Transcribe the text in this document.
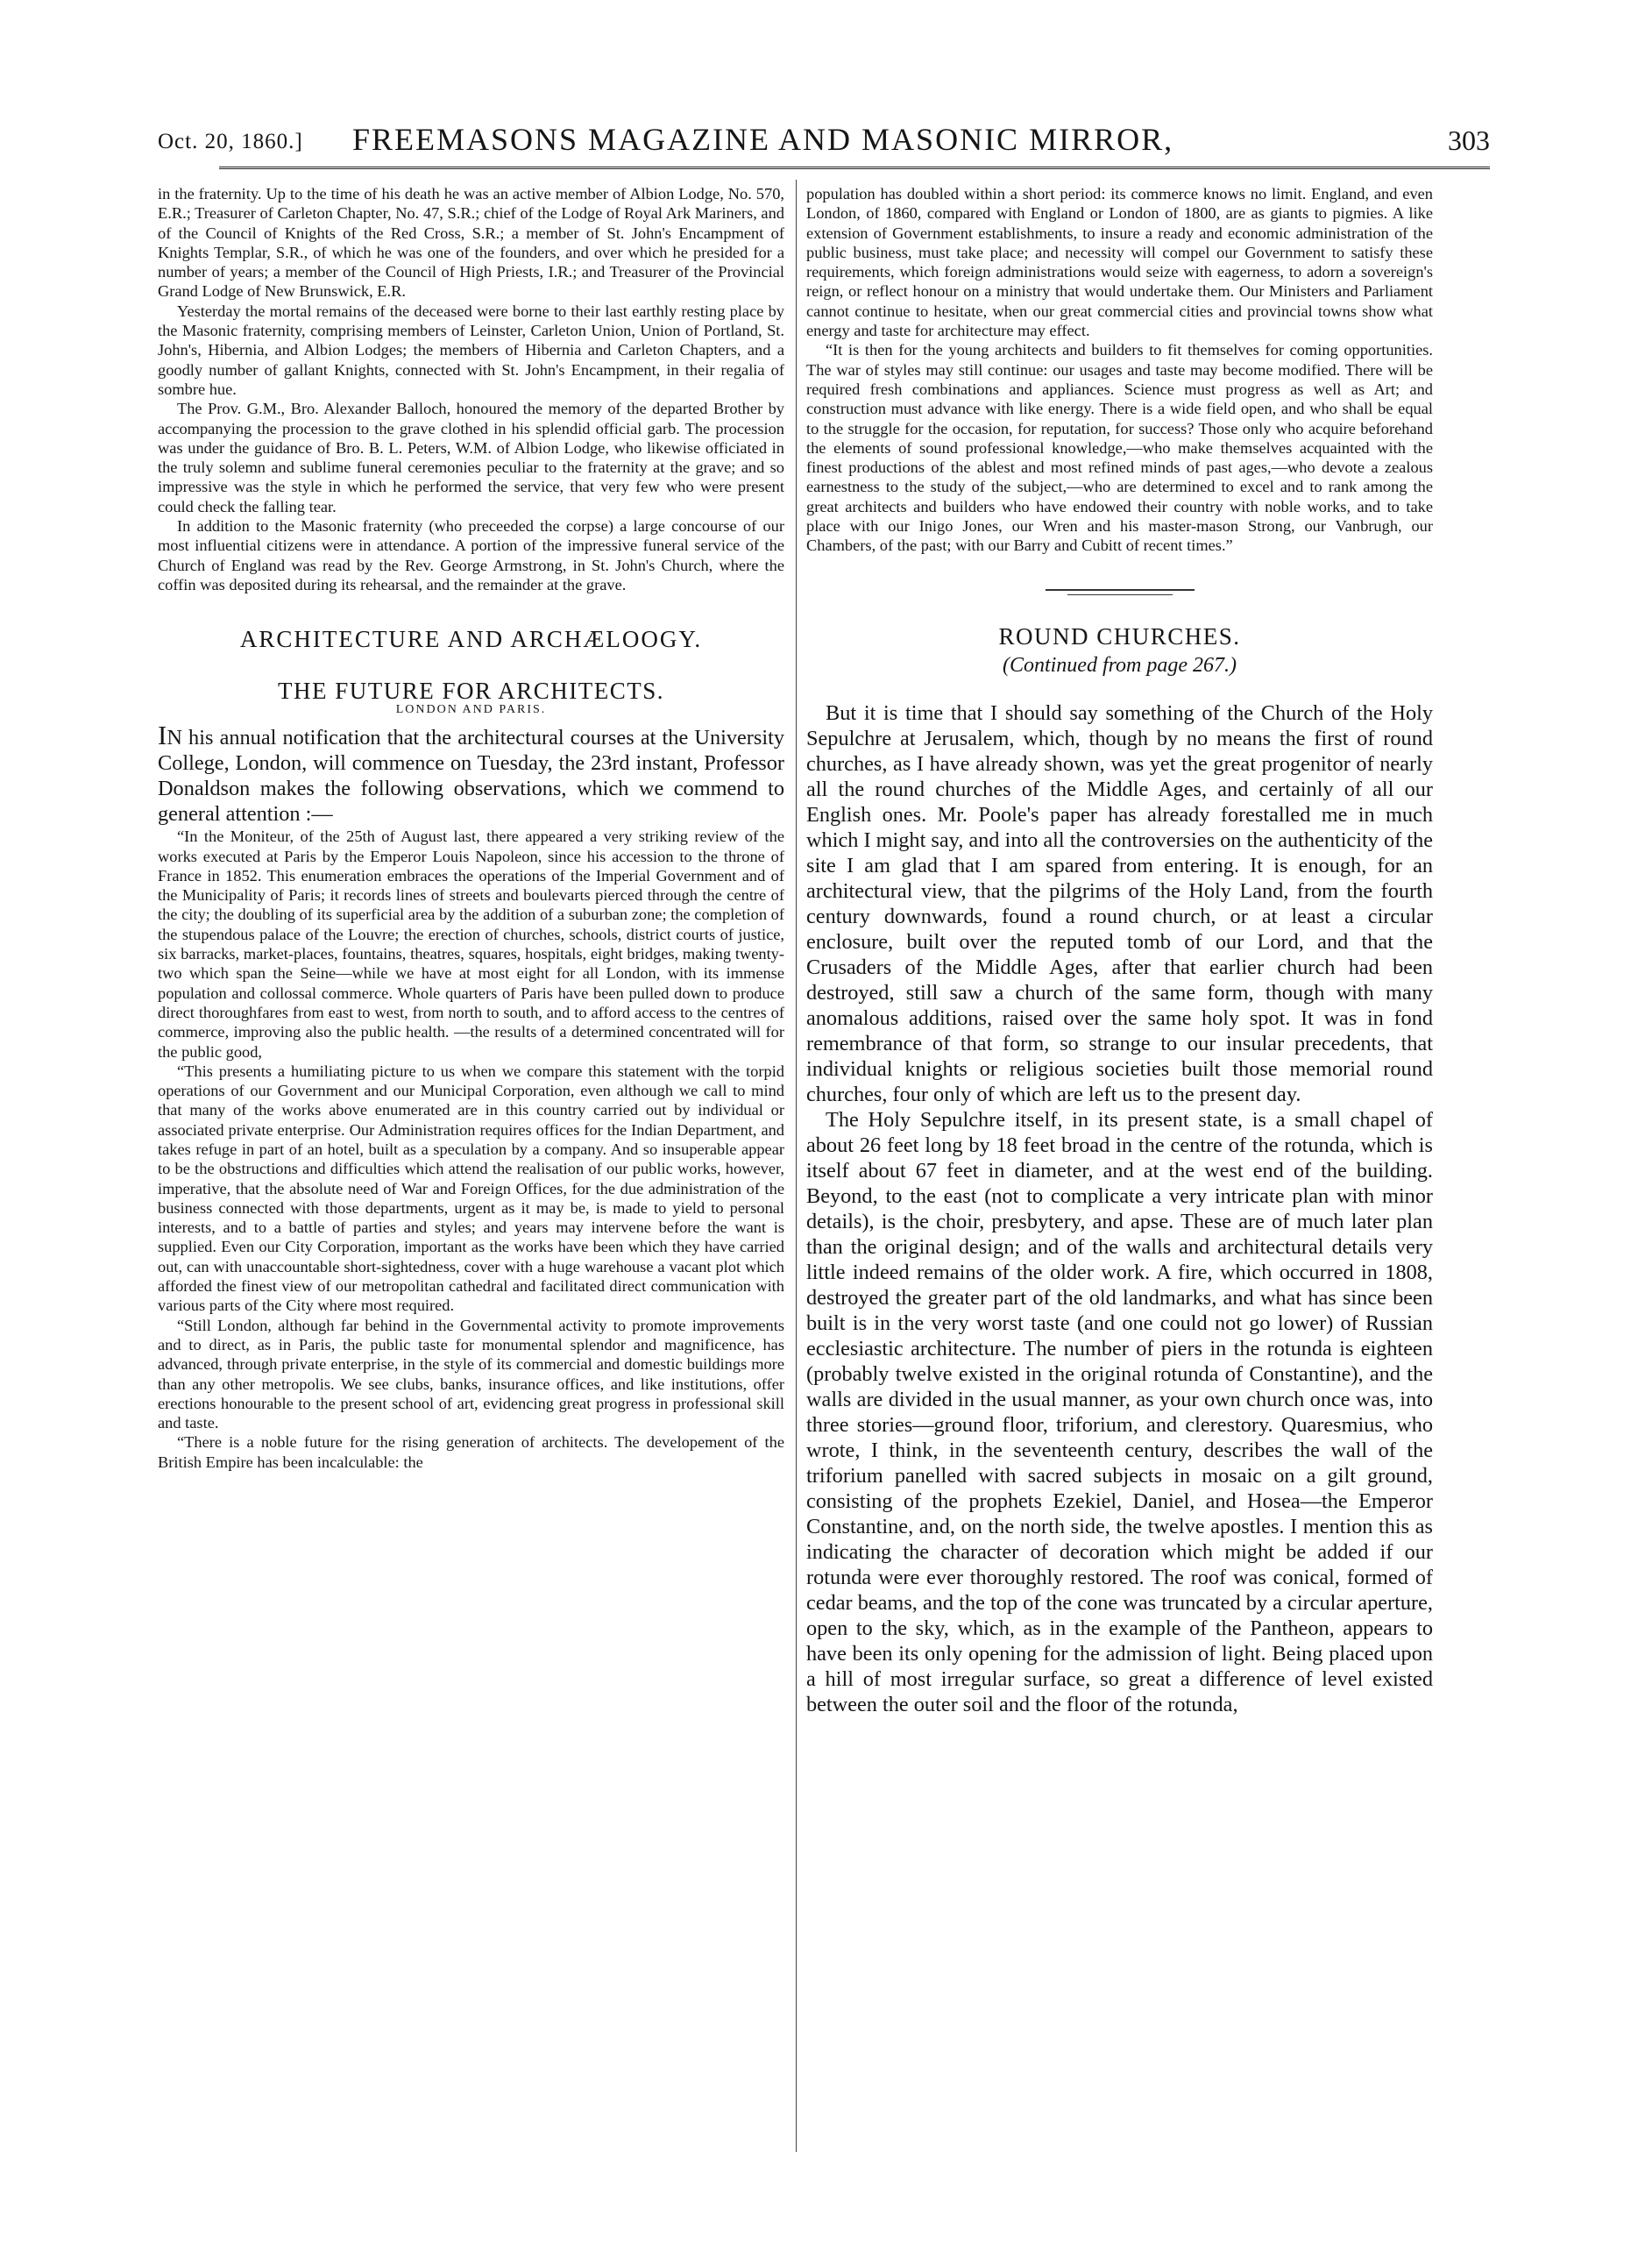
Oct. 20, 1860.] FREEMASONS MAGAZINE AND MASONIC MIRROR,	303

in the fraternity. Up to the time of his death he was an active member of Albion Lodge, No. 570, E.R.; Treasurer of Carleton Chapter, No. 47, S.R.; chief of the Lodge of Royal Ark Mariners, and of the Council of Knights of the Red Cross, S.R.; a member of St. John's Encampment of Knights Templar, S.R., of which he was one of the founders, and over which he presided for a number of years; a member of the Council of High Priests, I.R.; and Treasurer of the Provincial Grand Lodge of New Brunswick, E.R.

Yesterday the mortal remains of the deceased were borne to their last earthly resting place by the Masonic fraternity, comprising members of Leinster, Carleton Union, Union of Portland, St. John's, Hibernia, and Albion Lodges; the members of Hibernia and Carleton Chapters, and a goodly number of gallant Knights, connected with St. John's Encampment, in their regalia of sombre hue.

The Prov. G.M., Bro. Alexander Balloch, honoured the memory of the departed Brother by accompanying the procession to the grave clothed in his splendid official garb. The procession was under the guidance of Bro. B. L. Peters, W.M. of Albion Lodge, who likewise officiated in the truly solemn and sublime funeral ceremonies peculiar to the fraternity at the grave; and so impressive was the style in which he performed the service, that very few who were present could check the falling tear.

In addition to the Masonic fraternity (who preceeded the corpse) a large concourse of our most influential citizens were in attendance. A portion of the impressive funeral service of the Church of England was read by the Rev. George Armstrong, in St. John's Church, where the coffin was deposited during its rehearsal, and the remainder at the grave.

ARCHITECTURE AND ARCHÆLOOGY.
THE FUTURE FOR ARCHITECTS.
LONDON AND PARIS.

IN his annual notification that the architectural courses at the University College, London, will commence on Tuesday, the 23rd instant, Professor Donaldson makes the following observations, which we commend to general attention :—

“In the Moniteur, of the 25th of August last, there appeared a very striking review of the works executed at Paris by the Emperor Louis Napoleon, since his accession to the throne of France in 1852. This enumeration embraces the operations of the Imperial Government and of the Municipality of Paris; it records lines of streets and boulevarts pierced through the centre of the city; the doubling of its superficial area by the addition of a suburban zone; the completion of the stupendous palace of the Louvre; the erection of churches, schools, district courts of justice, six barracks, market-places, fountains, theatres, squares, hospitals, eight bridges, making twenty-two which span the Seine—while we have at most eight for all London, with its immense population and collossal commerce. Whole quarters of Paris have been pulled down to produce direct thoroughfares from east to west, from north to south, and to afford access to the centres of commerce, improving also the public health. —the results of a determined concentrated will for the public good,

“This presents a humiliating picture to us when we compare this statement with the torpid operations of our Government and our Municipal Corporation, even although we call to mind that many of the works above enumerated are in this country carried out by individual or associated private enterprise. Our Administration requires offices for the Indian Department, and takes refuge in part of an hotel, built as a speculation by a company. And so insuperable appear to be the obstructions and difficulties which attend the realisation of our public works, however, imperative, that the absolute need of War and Foreign Offices, for the due administration of the business connected with those departments, urgent as it may be, is made to yield to personal interests, and to a battle of parties and styles; and years may intervene before the want is supplied. Even our City Corporation, important as the works have been which they have carried out, can with unaccountable short-sightedness, cover with a huge warehouse a vacant plot which afforded the finest view of our metropolitan cathedral and facilitated direct communication with various parts of the City where most required.

“Still London, although far behind in the Governmental activity to promote improvements and to direct, as in Paris, the public taste for monumental splendor and magnificence, has advanced, through private enterprise, in the style of its commercial and domestic buildings more than any other metropolis. We see clubs, banks, insurance offices, and like institutions, offer erections honourable to the present school of art, evidencing great progress in professional skill and taste.

“There is a noble future for the rising generation of architects. The developement of the British Empire has been incalculable: the

population has doubled within a short period: its commerce knows no limit. England, and even London, of 1860, compared with England or London of 1800, are as giants to pigmies. A like extension of Government establishments, to insure a ready and economic administration of the public business, must take place; and necessity will compel our Government to satisfy these requirements, which foreign administrations would seize with eagerness, to adorn a sovereign's reign, or reflect honour on a ministry that would undertake them. Our Ministers and Parliament cannot continue to hesitate, when our great commercial cities and provincial towns show what energy and taste for architecture may effect.

“It is then for the young architects and builders to fit themselves for coming opportunities. The war of styles may still continue: our usages and taste may become modified. There will be required fresh combinations and appliances. Science must progress as well as Art; and construction must advance with like energy. There is a wide field open, and who shall be equal to the struggle for the occasion, for reputation, for success? Those only who acquire beforehand the elements of sound professional knowledge,—who make themselves acquainted with the finest productions of the ablest and most refined minds of past ages,—who devote a zealous earnestness to the study of the subject,—who are determined to excel and to rank among the great architects and builders who have endowed their country with noble works, and to take place with our Inigo Jones, our Wren and his master-mason Strong, our Vanbrugh, our Chambers, of the past; with our Barry and Cubitt of recent times.”

ROUND CHURCHES.
(Continued from page 267.)

But it is time that I should say something of the Church of the Holy Sepulchre at Jerusalem, which, though by no means the first of round churches, as I have already shown, was yet the great progenitor of nearly all the round churches of the Middle Ages, and certainly of all our English ones. Mr. Poole's paper has already forestalled me in much which I might say, and into all the controversies on the authenticity of the site I am glad that I am spared from entering. It is enough, for an architectural view, that the pilgrims of the Holy Land, from the fourth century downwards, found a round church, or at least a circular enclosure, built over the reputed tomb of our Lord, and that the Crusaders of the Middle Ages, after that earlier church had been destroyed, still saw a church of the same form, though with many anomalous additions, raised over the same holy spot. It was in fond remembrance of that form, so strange to our insular precedents, that individual knights or religious societies built those memorial round churches, four only of which are left us to the present day.

The Holy Sepulchre itself, in its present state, is a small chapel of about 26 feet long by 18 feet broad in the centre of the rotunda, which is itself about 67 feet in diameter, and at the west end of the building. Beyond, to the east (not to complicate a very intricate plan with minor details), is the choir, presbytery, and apse. These are of much later plan than the original design; and of the walls and architectural details very little indeed remains of the older work. A fire, which occurred in 1808, destroyed the greater part of the old landmarks, and what has since been built is in the very worst taste (and one could not go lower) of Russian ecclesiastic architecture. The number of piers in the rotunda is eighteen (probably twelve existed in the original rotunda of Constantine), and the walls are divided in the usual manner, as your own church once was, into three stories—ground floor, triforium, and clerestory. Quaresmius, who wrote, I think, in the seventeenth century, describes the wall of the triforium panelled with sacred subjects in mosaic on a gilt ground, consisting of the prophets Ezekiel, Daniel, and Hosea—the Emperor Constantine, and, on the north side, the twelve apostles. I mention this as indicating the character of decoration which might be added if our rotunda were ever thoroughly restored. The roof was conical, formed of cedar beams, and the top of the cone was truncated by a circular aperture, open to the sky, which, as in the example of the Pantheon, appears to have been its only opening for the admission of light. Being placed upon a hill of most irregular surface, so great a difference of level existed between the outer soil and the floor of the rotunda,
